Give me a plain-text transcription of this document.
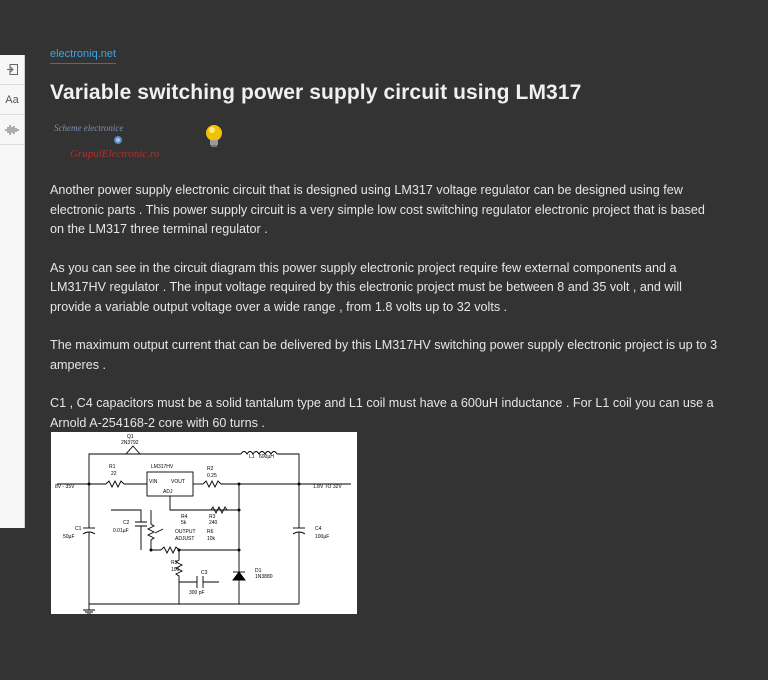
Aa
electroniq.net
Variable switching power supply circuit using LM317
Scheme electronice
GrupulElectronic.ro

Another power supply electronic circuit that is designed using LM317 voltage regulator can be designed using few electronic parts . This power supply circuit is a very simple low cost switching regulator electronic project that is based on the LM317 three terminal regulator .

As you can see in the circuit diagram this power supply electronic project require few external components and a LM317HV regulator . The input voltage required by this electronic project must be between 8 and 35 volt , and will provide a variable output voltage over a wide range , from 1.8 volts up to 32 volts .

The maximum output current that can be delivered by this LM317HV switching power supply electronic project is up to 3 amperes .

C1 , C4 capacitors must be a solid tantalum type and L1 coil must have a 600uH inductance . For L1 coil you can use a Arnold A-254168-2 core with 60 turns .

Q1
2N3792
L1 600µH
R1
22
LM317HV
VIN	VOUT
ADJ
R2
0.25
8V - 35V	1.8V TO 32V
R4
5k
R3
240
C2
0.01µF	OUTPUT
ADJUST
R6
10k
C1
50µF
C4
100µF
R5
100	C3
300 pF
D1
1N3880
